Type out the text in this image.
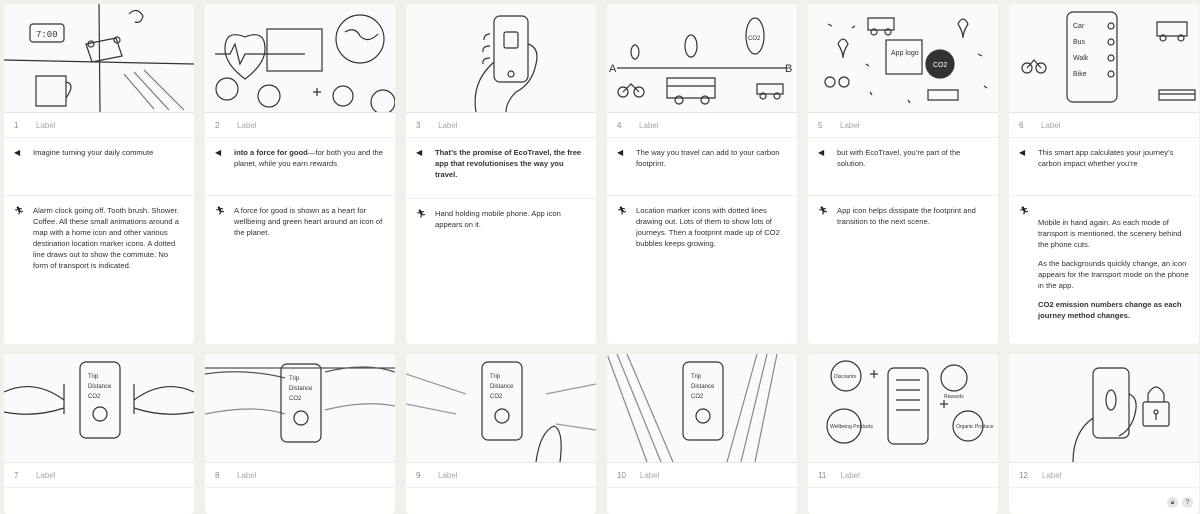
7:00
1	Label
◀	Imagine turning your daily commute

🏃︎ Alarm clock going off. Tooth brush. Shower. Coffee. All these small animations around a map with a home icon and other various destination location marker icons. A dotted line draws out to show the commute. No form of transport is indicated.

2	Label
◀	into a force for good—for both you and the planet, while you earn rewards

🏃︎ A force for good is shown as a heart for wellbeing and green heart around an icon of the planet.

3	Label
◀	That’s the promise of EcoTravel, the free app that revolutionises the way you travel.

🏃︎ Hand holding mobile phone. App icon appears on it.

A	B
CO2
4	Label
◀	The way you travel can add to your carbon footprint.

🏃︎ Location marker icons with dotted lines drawing out. Lots of them to show lots of journeys. Then a footprint made up of CO2 bubbles keeps growing.

App logo
CO2
5	Label
◀	but with EcoTravel, you’re part of the solution.

🏃︎ App icon helps dissipate the footprint and transition to the next scene.

Car
Bus
Walk
Bike
6	Label
◀	This smart app calculates your journey’s carbon impact whether you’re

🏃︎

Mobile in hand again. As each mode of transport is mentioned, the scenery behind the phone cuts.

As the backgrounds quickly change, an icon appears for the transport mode on the phone in the app.

CO2 emission numbers change as each journey method changes.

Trip
Distance
CO2
7	Label
Trip
Distance
CO2
8	Label
Trip
Distance
CO2
9	Label
Trip
Distance
CO2
10 Label
Discounts
Wellbeing Products
Rewards
Organic Produce
11 Label	12 Label
🔒︎	?
